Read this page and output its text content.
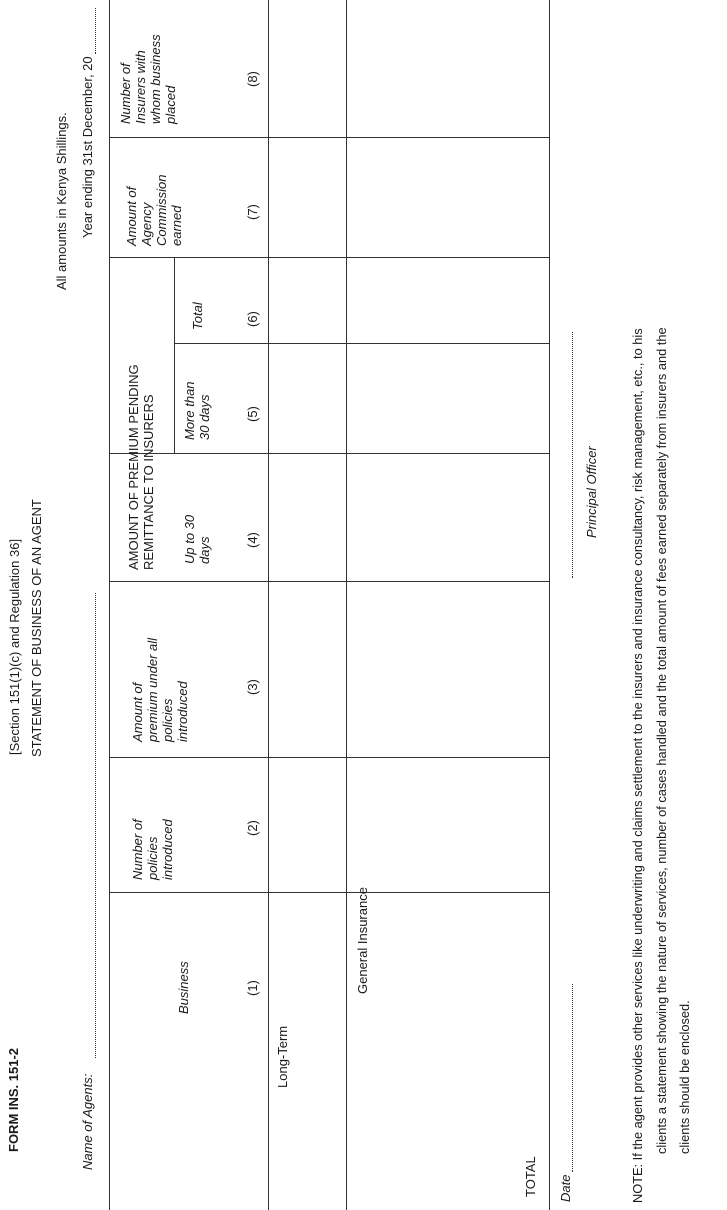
FORM INS. 151-2
[Section 151(1)(c) and Regulation 36] STATEMENT OF BUSINESS OF AN AGENT
All amounts in Kenya Shillings.
Name of Agents:
Year ending 31st December, 20
Business
Number of policies introduced
Amount of premium under all policies introduced
AMOUNT OF PREMIUM PENDING REMITTANCE TO INSURERS Up to 30 days
More than 30 days
Total
Amount of Agency Commission earned
Number of Insurers with whom business placed
(1)
(2)
(3)
(4)
(5)
(6)
(7)
(8)
Long-Term
General Insurance
TOTAL Date
Principal Officer NOTE: If the agent provides other services like underwriting and claims settlement to the insurers and insurance consultancy, risk management, etc., to his clients a statement showing the nature of services, number of cases handled and the total amount of fees earned separately from insurers and the clients should be enclosed.
